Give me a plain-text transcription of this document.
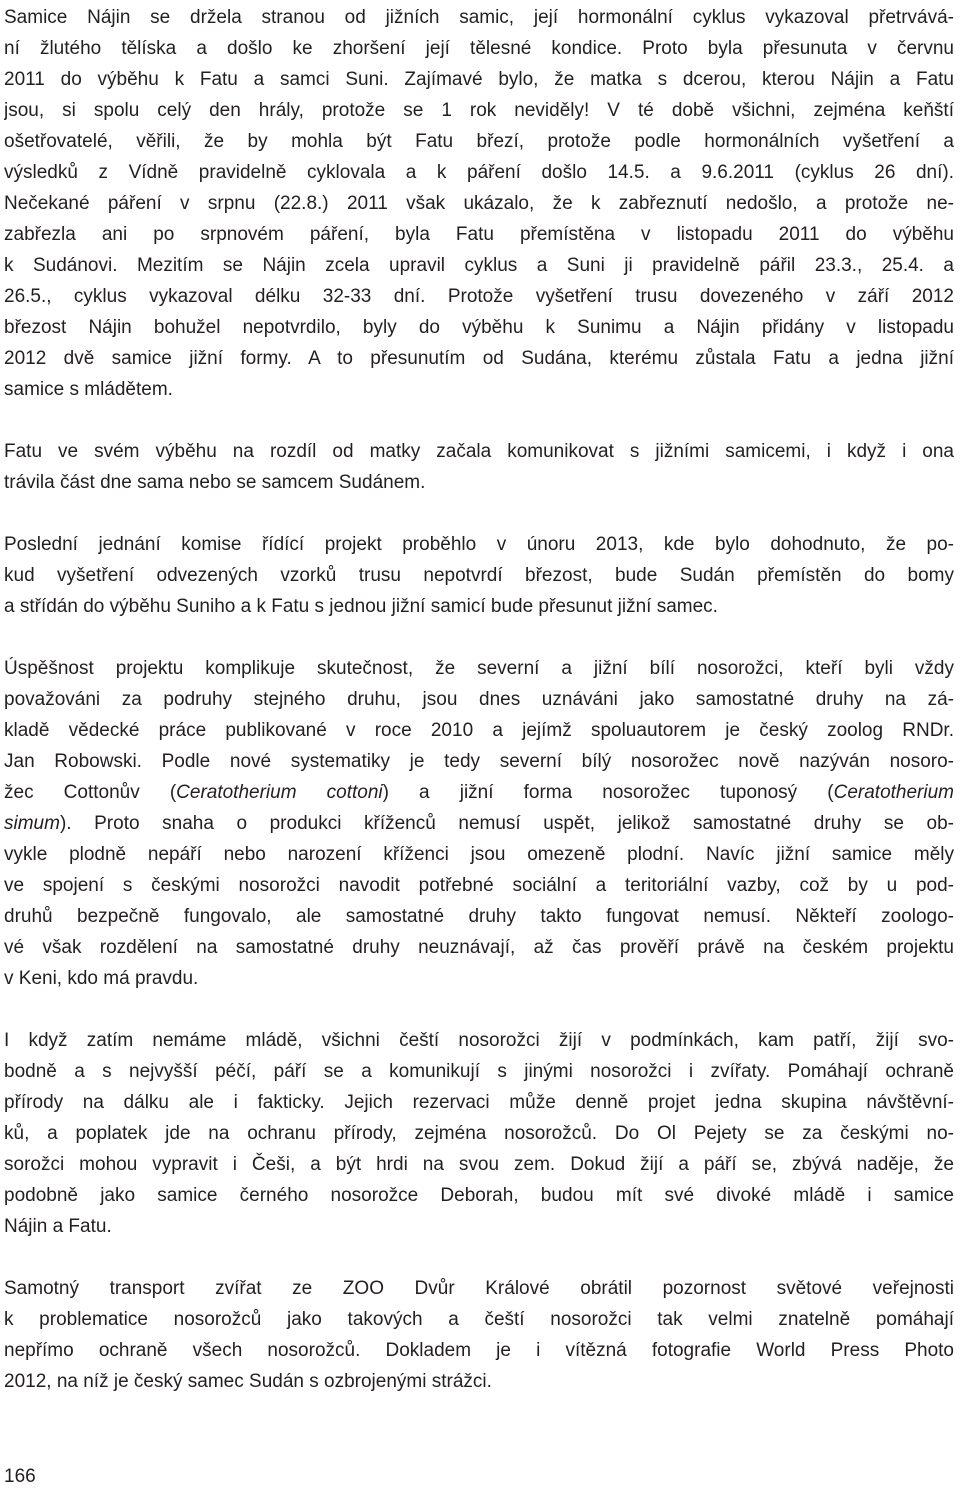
Samice Nájin se držela stranou od jižních samic, její hormonální cyklus vykazoval přetrvává-
ní žlutého tělíska a došlo ke zhoršení její tělesné kondice. Proto byla přesunuta v červnu
2011 do výběhu k Fatu a samci Suni. Zajímavé bylo, že matka s dcerou, kterou Nájin a Fatu
jsou, si spolu celý den hrály, protože se 1 rok neviděly! V té době všichni, zejména keňští
ošetřovatelé, věřili, že by mohla být Fatu březí, protože podle hormonálních vyšetření a
výsledků z Vídně pravidelně cyklovala a k páření došlo 14.5. a 9.6.2011 (cyklus 26 dní).
Nečekané páření v srpnu (22.8.) 2011 však ukázalo, že k zabřeznutí nedošlo, a protože ne-
zabřezla ani po srpnovém páření, byla Fatu přemístěna v listopadu 2011 do výběhu
k Sudánovi. Mezitím se Nájin zcela upravil cyklus a Suni ji pravidelně pářil 23.3., 25.4. a
26.5., cyklus vykazoval délku 32-33 dní. Protože vyšetření trusu dovezeného v září 2012
březost Nájin bohužel nepotvrdilo, byly do výběhu k Sunimu a Nájin přidány v listopadu
2012 dvě samice jižní formy. A to přesunutím od Sudána, kterému zůstala Fatu a jedna jižní
samice s mládětem.
Fatu ve svém výběhu na rozdíl od matky začala komunikovat s jižními samicemi, i když i ona
trávila část dne sama nebo se samcem Sudánem.
Poslední jednání komise řídící projekt proběhlo v únoru 2013, kde bylo dohodnuto, že po-
kud vyšetření odvezených vzorků trusu nepotvrdí březost, bude Sudán přemístěn do bomy
a střídán do výběhu Suniho a k Fatu s jednou jižní samicí bude přesunut jižní samec.
Úspěšnost projektu komplikuje skutečnost, že severní a jižní bílí nosorožci, kteří byli vždy
považováni za podruhy stejného druhu, jsou dnes uznáváni jako samostatné druhy na zá-
kladě vědecké práce publikované v roce 2010 a jejímž spoluautorem je český zoolog RNDr.
Jan Robowski. Podle nové systematiky je tedy severní bílý nosorožec nově nazýván nosoro-
žec Cottonův (Ceratotherium cottoni) a jižní forma nosorožec tuponosý (Ceratotherium
simum). Proto snaha o produkci kříženců nemusí uspět, jelikož samostatné druhy se ob-
vykle plodně nepáří nebo narození kříženci jsou omezeně plodní. Navíc jižní samice měly
ve spojení s českými nosorožci navodit potřebné sociální a teritoriální vazby, což by u pod-
druhů bezpečně fungovalo, ale samostatné druhy takto fungovat nemusí. Někteří zoologo-
vé však rozdělení na samostatné druhy neuznávají, až čas prověří právě na českém projektu
v Keni, kdo má pravdu.
I když zatím nemáme mládě, všichni čeští nosorožci žijí v podmínkách, kam patří, žijí svo-
bodně a s nejvyšší péčí, páří se a komunikují s jinými nosorožci i zvířaty. Pomáhají ochraně
přírody na dálku ale i fakticky. Jejich rezervaci může denně projet jedna skupina návštěvní-
ků, a poplatek jde na ochranu přírody, zejména nosorožců. Do Ol Pejety se za českými no-
sorožci mohou vypravit i Češi, a být hrdi na svou zem. Dokud žijí a páří se, zbývá naděje, že
podobně jako samice černého nosorožce Deborah, budou mít své divoké mládě i samice
Nájin a Fatu.
Samotný transport zvířat ze ZOO Dvůr Králové obrátil pozornost světové veřejnosti
k problematice nosorožců jako takových a čeští nosorožci tak velmi znatelně pomáhají
nepřímo ochraně všech nosorožců. Dokladem je i vítězná fotografie World Press Photo
2012, na níž je český samec Sudán s ozbrojenými strážci.
166
